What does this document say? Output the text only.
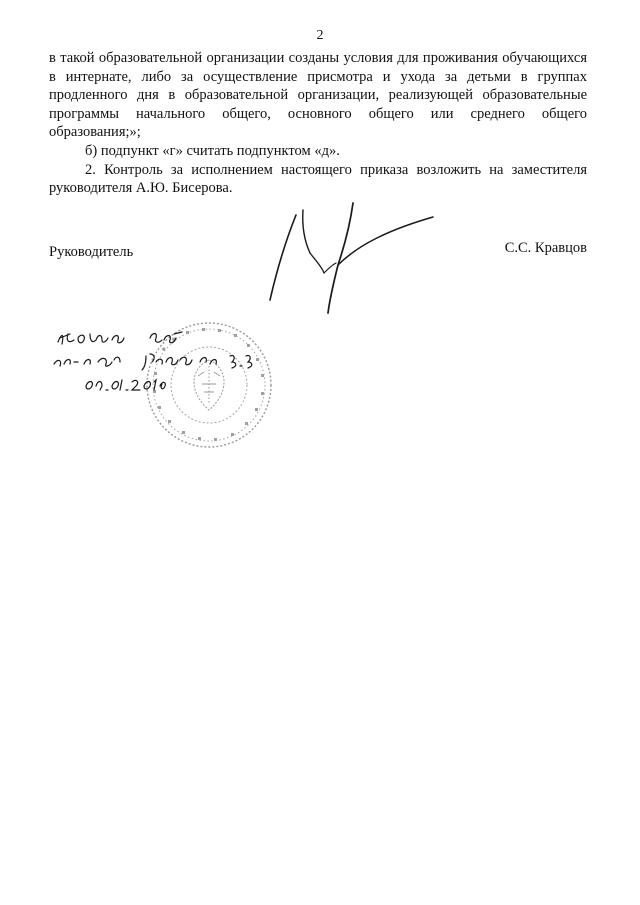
2

в такой образовательной организации созданы условия для проживания обучающихся в интернате, либо за осуществление присмотра и ухода за детьми в группах продленного дня в образовательной организации, реализующей образовательные программы начального общего, основного общего или среднего общего образования;»;

б) подпункт «г» считать подпунктом «д».

2. Контроль за исполнением настоящего приказа возложить на заместителя руководителя А.Ю. Бисерова.

Руководитель	С.С. Кравцов
